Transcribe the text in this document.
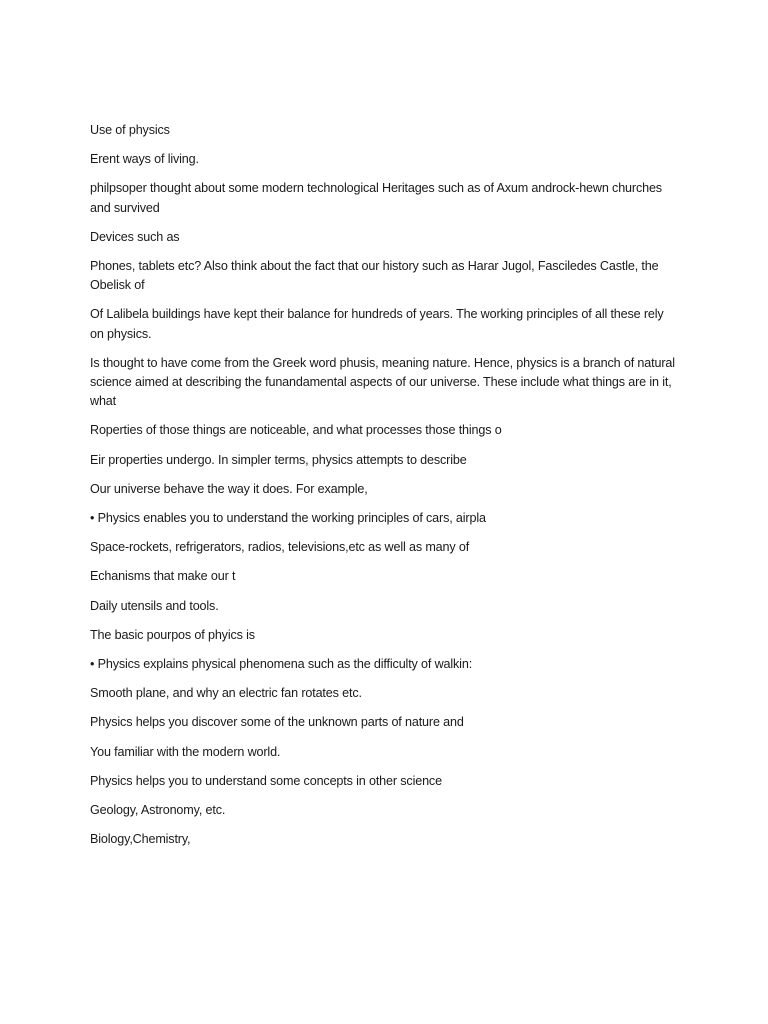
Use of physics

Erent ways of living.

philpsoper thought about some modern technological Heritages such as of Axum androck-hewn churches and survived

Devices such as

Phones, tablets etc? Also think about the fact that our history such as Harar Jugol, Fasciledes Castle, the Obelisk of

Of Lalibela buildings have kept their balance for hundreds of years. The working principles of all these rely on physics.

Is thought to have come from the Greek word phusis, meaning nature. Hence, physics is a branch of natural science aimed at describing the funandamental aspects of our universe. These include what things are in it, what

Roperties of those things are noticeable, and what processes those things o

Eir properties undergo. In simpler terms, physics attempts to describe

Our universe behave the way it does. For example,

• Physics enables you to understand the working principles of cars, airpla

Space-rockets, refrigerators, radios, televisions,etc as well as many of

Echanisms that make our t

Daily utensils and tools.

The basic pourpos of phyics is

• Physics explains physical phenomena such as the difficulty of walkin:

Smooth plane, and why an electric fan rotates etc.

Physics helps you discover some of the unknown parts of nature and

You familiar with the modern world.

Physics helps you to understand some concepts in other science

Geology, Astronomy, etc.

Biology,Chemistry,
